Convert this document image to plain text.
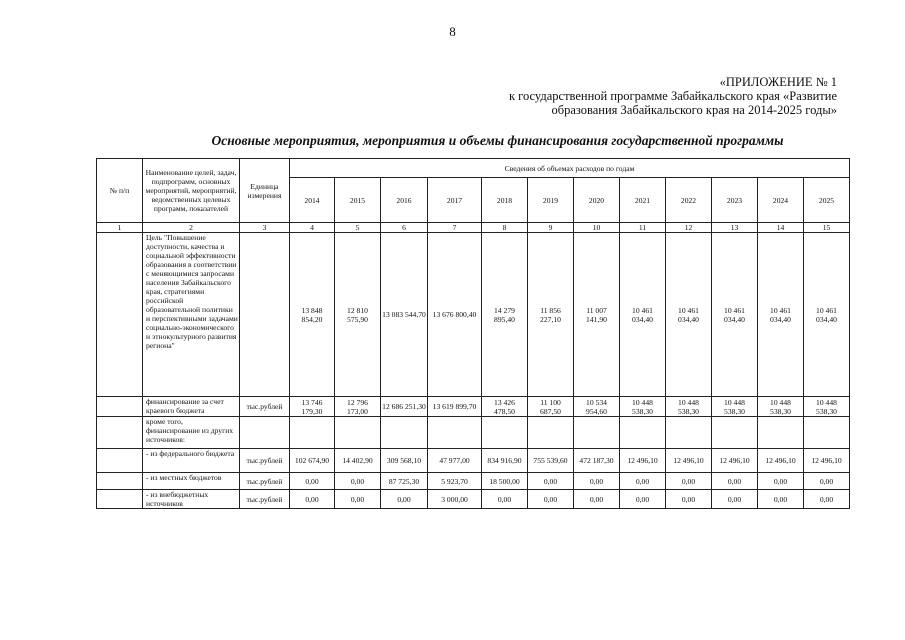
8
«ПРИЛОЖЕНИЕ № 1
к государственной программе Забайкальского края «Развитие
образования Забайкальского края на 2014-2025 годы»
Основные мероприятия, мероприятия и объемы финансирования государственной программы
№ п/п	Наименование целей, задач, подпрограмм, основных мероприятий, мероприятий, ведомственных целевых программ, показателей	Единица измерения	Сведения об объемах расходов по годам											
			2014	2015	2016	2017	2018	2019	2020	2021	2022	2023	2024	2025
1	2	3	4	5	6	7	8	9	10	11	12	13	14	15
	Цель "Повышение доступности, качества и социальной эффективности образования в соответствии с меняющимися запросами населения Забайкальского края, стратегиями российской образовательной политики и перспективными задачами социально-экономического и этнокультурного развития региона"		13 848 854,20	12 810 575,90	13 083 544,70	13 676 800,40	14 279 895,40	11 856 227,10	11 007 141,90	10 461 034,40	10 461 034,40	10 461 034,40	10 461 034,40	10 461 034,40
	финансирование за счет краевого бюджета	тыс.рублей	13 746 179,30	12 796 173,00	12 686 251,30	13 619 899,70	13 426 478,50	11 100 687,50	10 534 954,60	10 448 538,30	10 448 538,30	10 448 538,30	10 448 538,30	10 448 538,30
	кроме того, финансирование из других источников:													
	- из федерального бюджета	тыс.рублей	102 674,90	14 402,90	309 568,10	47 977,00	834 916,90	755 539,60	472 187,30	12 496,10	12 496,10	12 496,10	12 496,10	12 496,10
	- из местных бюджетов	тыс.рублей	0,00	0,00	87 725,30	5 923,70	18 500,00	0,00	0,00	0,00	0,00	0,00	0,00	0,00
	- из внебюджетных источников	тыс.рублей	0,00	0,00	0,00	3 000,00	0,00	0,00	0,00	0,00	0,00	0,00	0,00	0,00
